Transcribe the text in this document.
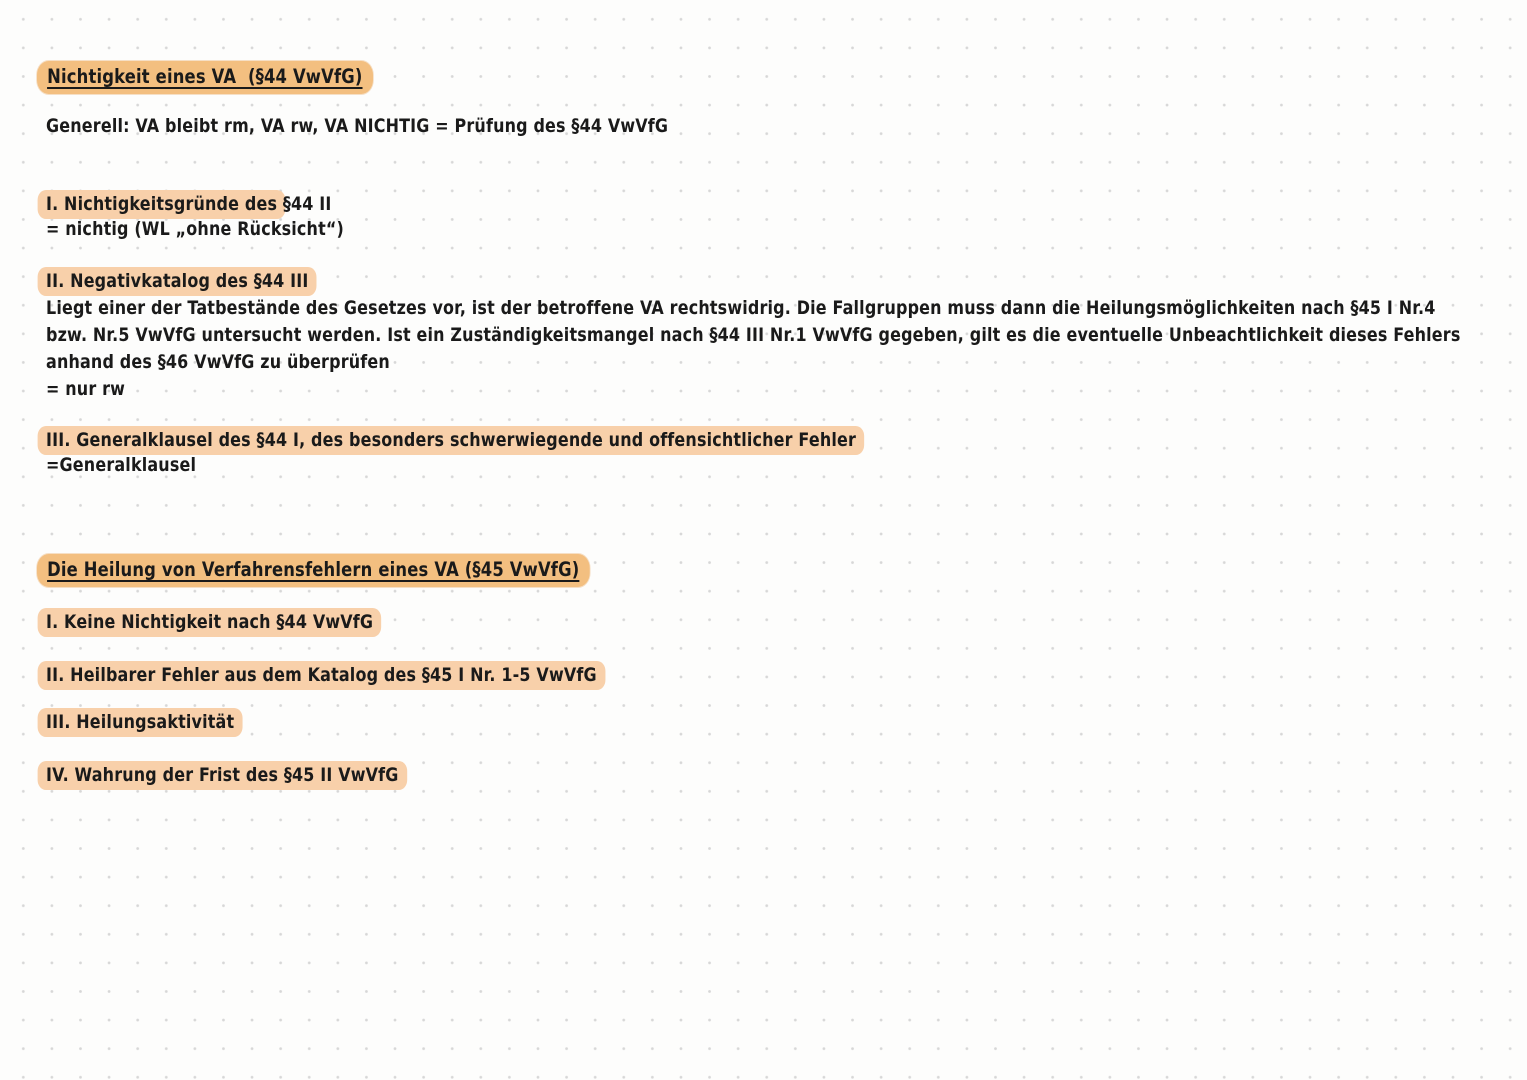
Nichtigkeit eines VA  (§44 VwVfG)
Generell: VA bleibt rm, VA rw, VA NICHTIG = Prüfung des §44 VwVfG
I. Nichtigkeitsgründe des §44 II
= nichtig (WL „ohne Rücksicht“)
II. Negativkatalog des §44 III
Liegt einer der Tatbestände des Gesetzes vor, ist der betroffene VA rechtswidrig. Die Fallgruppen muss dann die Heilungsmöglichkeiten nach §45 I Nr.4
bzw. Nr.5 VwVfG untersucht werden. Ist ein Zuständigkeitsmangel nach §44 III Nr.1 VwVfG gegeben, gilt es die eventuelle Unbeachtlichkeit dieses Fehlers
anhand des §46 VwVfG zu überprüfen
= nur rw
III. Generalklausel des §44 I, des besonders schwerwiegende und offensichtlicher Fehler
=Generalklausel
Die Heilung von Verfahrensfehlern eines VA (§45 VwVfG)
I. Keine Nichtigkeit nach §44 VwVfG
II. Heilbarer Fehler aus dem Katalog des §45 I Nr. 1-5 VwVfG
III. Heilungsaktivität
IV. Wahrung der Frist des §45 II VwVfG
